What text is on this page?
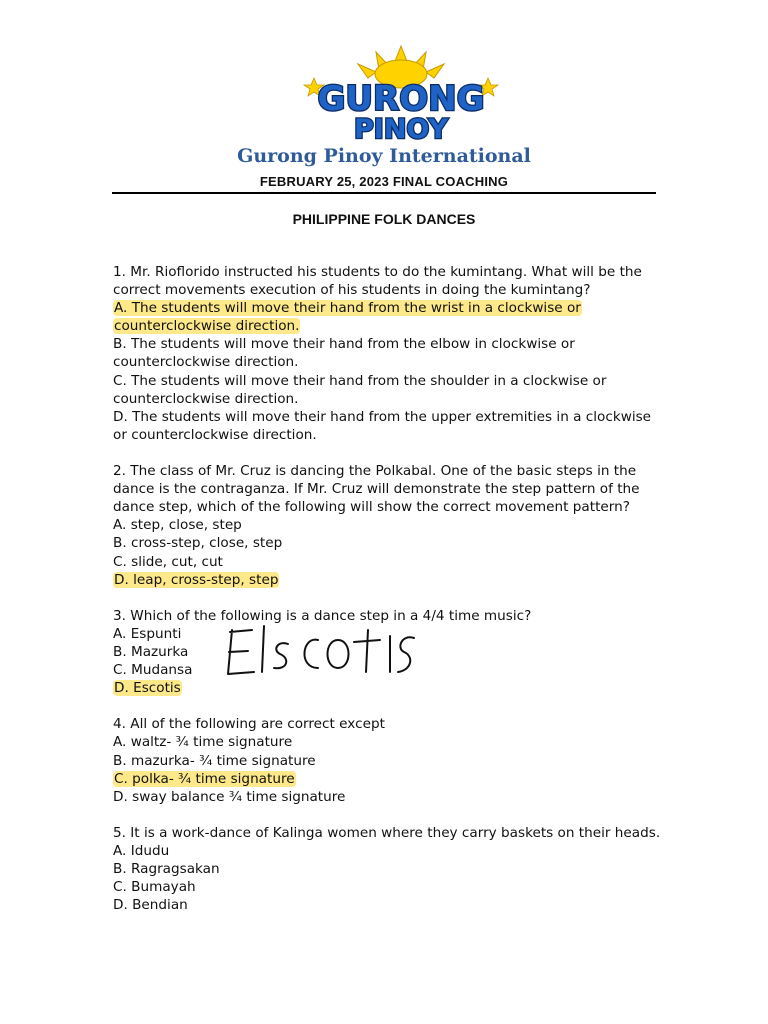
GURONG
PINOY
Gurong Pinoy International
FEBRUARY 25, 2023 FINAL COACHING
PHILIPPINE FOLK DANCES
1. Mr. Rioflorido instructed his students to do the kumintang. What will be the
correct movements execution of his students in doing the kumintang?
A. The students will move their hand from the wrist in a clockwise or
counterclockwise direction.
B. The students will move their hand from the elbow in clockwise or
counterclockwise direction.
C. The students will move their hand from the shoulder in a clockwise or
counterclockwise direction.
D. The students will move their hand from the upper extremities in a clockwise
or counterclockwise direction.
2. The class of Mr. Cruz is dancing the Polkabal. One of the basic steps in the
dance is the contraganza. If Mr. Cruz will demonstrate the step pattern of the
dance step, which of the following will show the correct movement pattern?
A. step, close, step
B. cross-step, close, step
C. slide, cut, cut
D. leap, cross-step, step
3. Which of the following is a dance step in a 4/4 time music?
A. Espunti
B. Mazurka
C. Mudansa
D. Escotis
4. All of the following are correct except
A. waltz- ¾ time signature
B. mazurka- ¾ time signature
C. polka- ¾ time signature
D. sway balance ¾ time signature
5. It is a work-dance of Kalinga women where they carry baskets on their heads.
A. Idudu
B. Ragragsakan
C. Bumayah
D. Bendian
